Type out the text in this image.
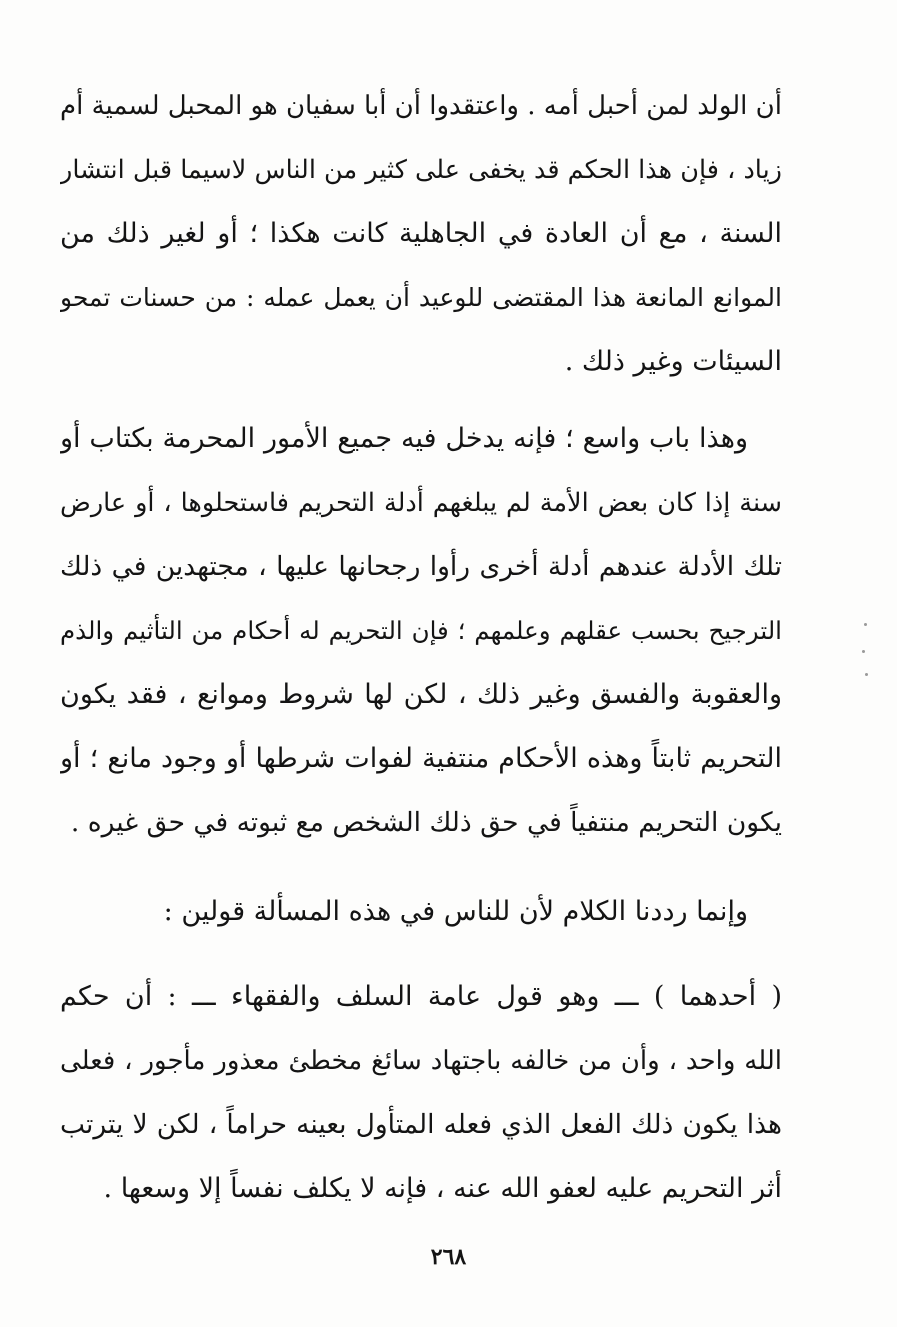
أن الولد لمن أحبل أمه . واعتقدوا أن أبا سفيان هو المحبل لسمية أم
زياد ، فإن هذا الحكم قد يخفى على كثير من الناس لاسيما قبل انتشار
السنة ، مع أن العادة في الجاهلية كانت هكذا ؛ أو لغير ذلك من
الموانع المانعة هذا المقتضى للوعيد أن يعمل عمله : من حسنات تمحو
السيئات وغير ذلك .
وهذا باب واسع ؛ فإنه يدخل فيه جميع الأمور المحرمة بكتاب أو
سنة إذا كان بعض الأمة لم يبلغهم أدلة التحريم فاستحلوها ، أو عارض
تلك الأدلة عندهم أدلة أخرى رأوا رجحانها عليها ، مجتهدين في ذلك
الترجيح بحسب عقلهم وعلمهم ؛ فإن التحريم له أحكام من التأثيم والذم
والعقوبة والفسق وغير ذلك ، لكن لها شروط وموانع ، فقد يكون
التحريم ثابتاً وهذه الأحكام منتفية لفوات شرطها أو وجود مانع ؛ أو
يكون التحريم منتفياً في حق ذلك الشخص مع ثبوته في حق غيره .
وإنما رددنا الكلام لأن للناس في هذه المسألة قولين :
( أحدهما ) ـــ وهو قول عامة السلف والفقهاء ـــ : أن حكم
الله واحد ، وأن من خالفه باجتهاد سائغ مخطئ معذور مأجور ، فعلى
هذا يكون ذلك الفعل الذي فعله المتأول بعينه حراماً ، لكن لا يترتب
أثر التحريم عليه لعفو الله عنه ، فإنه لا يكلف نفساً إلا وسعها .
٢٦٨
